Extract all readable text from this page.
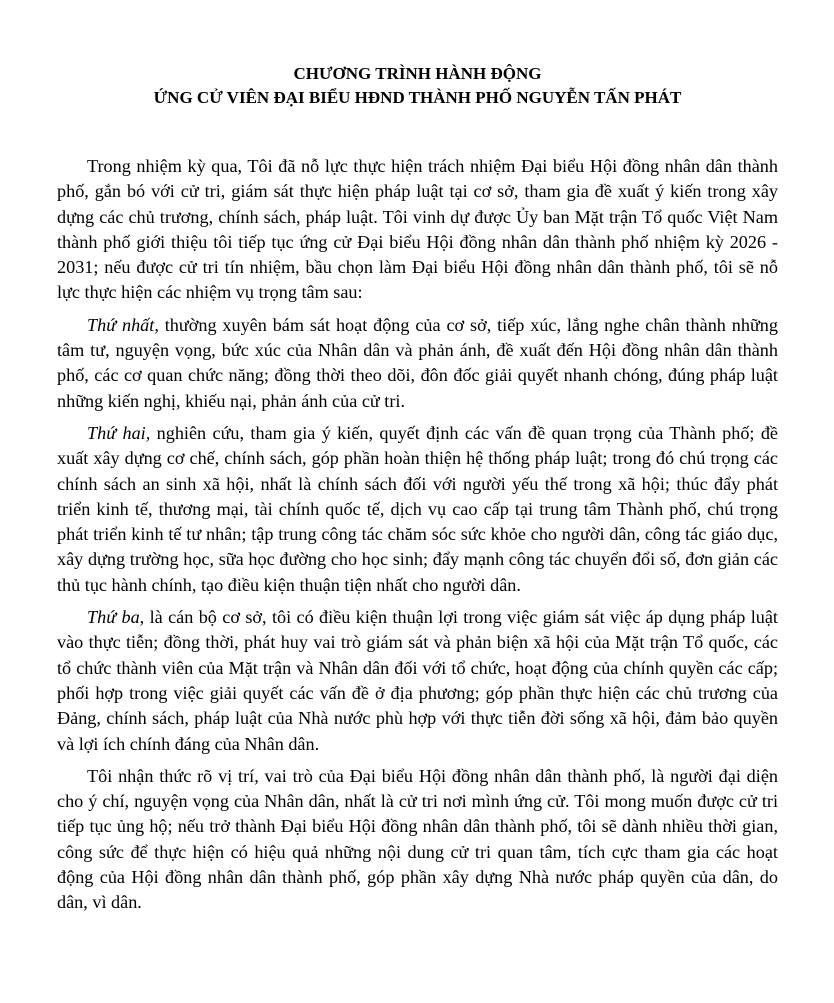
CHƯƠNG TRÌNH HÀNH ĐỘNG

ỨNG CỬ VIÊN ĐẠI BIỂU HĐND THÀNH PHỐ NGUYỄN TẤN PHÁT

Trong nhiệm kỳ qua, Tôi đã nỗ lực thực hiện trách nhiệm Đại biểu Hội đồng nhân dân thành phố, gắn bó với cử tri, giám sát thực hiện pháp luật tại cơ sở, tham gia đề xuất ý kiến trong xây dựng các chủ trương, chính sách, pháp luật. Tôi vinh dự được Ủy ban Mặt trận Tổ quốc Việt Nam thành phố giới thiệu tôi tiếp tục ứng cử Đại biểu Hội đồng nhân dân thành phố nhiệm kỳ 2026 - 2031; nếu được cử tri tín nhiệm, bầu chọn làm Đại biểu Hội đồng nhân dân thành phố, tôi sẽ nỗ lực thực hiện các nhiệm vụ trọng tâm sau:

Thứ nhất, thường xuyên bám sát hoạt động của cơ sở, tiếp xúc, lắng nghe chân thành những tâm tư, nguyện vọng, bức xúc của Nhân dân và phản ánh, đề xuất đến Hội đồng nhân dân thành phố, các cơ quan chức năng; đồng thời theo dõi, đôn đốc giải quyết nhanh chóng, đúng pháp luật những kiến nghị, khiếu nại, phản ánh của cử tri.

Thứ hai, nghiên cứu, tham gia ý kiến, quyết định các vấn đề quan trọng của Thành phố; đề xuất xây dựng cơ chế, chính sách, góp phần hoàn thiện hệ thống pháp luật; trong đó chú trọng các chính sách an sinh xã hội, nhất là chính sách đối với người yếu thế trong xã hội; thúc đẩy phát triển kinh tế, thương mại, tài chính quốc tế, dịch vụ cao cấp tại trung tâm Thành phố, chú trọng phát triển kinh tế tư nhân; tập trung công tác chăm sóc sức khỏe cho người dân, công tác giáo dục, xây dựng trường học, sữa học đường cho học sinh; đẩy mạnh công tác chuyển đổi số, đơn giản các thủ tục hành chính, tạo điều kiện thuận tiện nhất cho người dân.

Thứ ba, là cán bộ cơ sở, tôi có điều kiện thuận lợi trong việc giám sát việc áp dụng pháp luật vào thực tiễn; đồng thời, phát huy vai trò giám sát và phản biện xã hội của Mặt trận Tổ quốc, các tổ chức thành viên của Mặt trận và Nhân dân đối với tổ chức, hoạt động của chính quyền các cấp; phối hợp trong việc giải quyết các vấn đề ở địa phương; góp phần thực hiện các chủ trương của Đảng, chính sách, pháp luật của Nhà nước phù hợp với thực tiễn đời sống xã hội, đảm bảo quyền và lợi ích chính đáng của Nhân dân.

Tôi nhận thức rõ vị trí, vai trò của Đại biểu Hội đồng nhân dân thành phố, là người đại diện cho ý chí, nguyện vọng của Nhân dân, nhất là cử tri nơi mình ứng cử. Tôi mong muốn được cử tri tiếp tục ủng hộ; nếu trở thành Đại biểu Hội đồng nhân dân thành phố, tôi sẽ dành nhiều thời gian, công sức để thực hiện có hiệu quả những nội dung cử tri quan tâm, tích cực tham gia các hoạt động của Hội đồng nhân dân thành phố, góp phần xây dựng Nhà nước pháp quyền của dân, do dân, vì dân.
